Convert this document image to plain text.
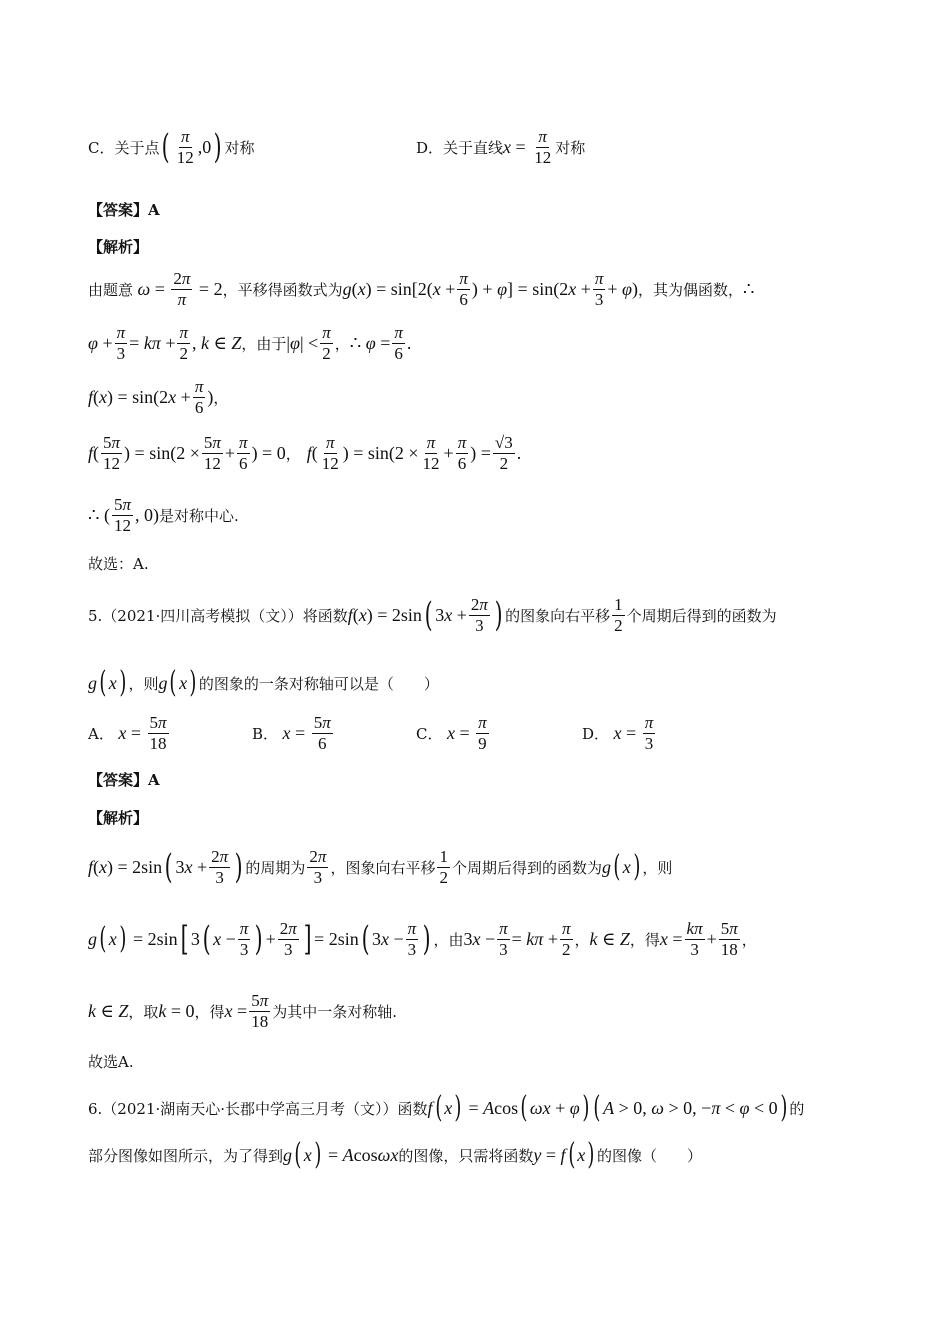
C．关于点 ( $\frac{\pi}{12} ,0$ ) 对称	D．关于直线 $x = \frac{\pi}{12}$ 对称
【答案】A
【解析】
由题意 $\omega = \frac{2\pi}{\pi} = 2$ ，平移得函数式为 $g(x) = \sin[2(x + \frac{\pi}{6}$ ) + $\varphi] = \sin(2x + \frac{\pi}{3} + \varphi)$ ，其为偶函数， ∴
$\varphi + \frac{\pi}{3} = k\pi + \frac{\pi}{2}$ , k ∈ Z ，由于 $|\varphi| < \frac{\pi}{2}$ ， ∴ $\varphi = \frac{\pi}{6}$ .
$f(x) = \sin(2x + \frac{\pi}{6}$ ) ，
$f( \frac{5\pi}{12}$ ) = $\sin(2 \times \frac{5\pi}{12} + \frac{\pi}{6}$ ) = 0 ， $f( \frac{\pi}{12}$ ) = $\sin(2 \times \frac{\pi}{12} + \frac{\pi}{6}$ ) = $\frac{√3}{2}$ .
∴ ( $\frac{5\pi}{12}$ , 0) 是对称中心.
故选：A.
5.（2021·四川高考模拟（文））将函数 f(x) = 2sin ( $3x + \frac{2\pi}{3}$ ) 的图象向右平移 $\frac{1}{2}$ 个周期后得到的函数为
g ( x ) ，则 g ( x ) 的图象的一条对称轴可以是（　　）
A． $x = \frac{5\pi}{18}$	B． $x = \frac{5\pi}{6}$	C． $x = \frac{\pi}{9}$	D． $x = \frac{\pi}{3}$
【答案】A
【解析】
f(x) = 2sin ( $3x + \frac{2\pi}{3}$ ) 的周期为 $\frac{2\pi}{3}$ ，图象向右平移 $\frac{1}{2}$ 个周期后得到的函数为 g ( x ) ，则
g ( x ) = 2sin [ 3 ( $x - \frac{\pi}{3}$ ) + $\frac{2\pi}{3}$ ] = 2sin ( $3x - \frac{\pi}{3}$ ) ，由 $3x - \frac{\pi}{3} = k\pi + \frac{\pi}{2}$ ， k ∈ Z ，得 $x = \frac{k\pi}{3} + \frac{5\pi}{18}$ ，
k ∈ Z ，取 k = 0 ，得 $x = \frac{5\pi}{18}$ 为其中一条对称轴.
故选A.
6.（2021·湖南天心·长郡中学高三月考（文））函数 f ( x ) = Acos ( ωx + φ ) ( A > 0, ω > 0, −π < φ < 0 ) 的
部分图像如图所示，为了得到 g ( x ) = Acosωx 的图像，只需将函数 y = f ( x ) 的图像（　　）
